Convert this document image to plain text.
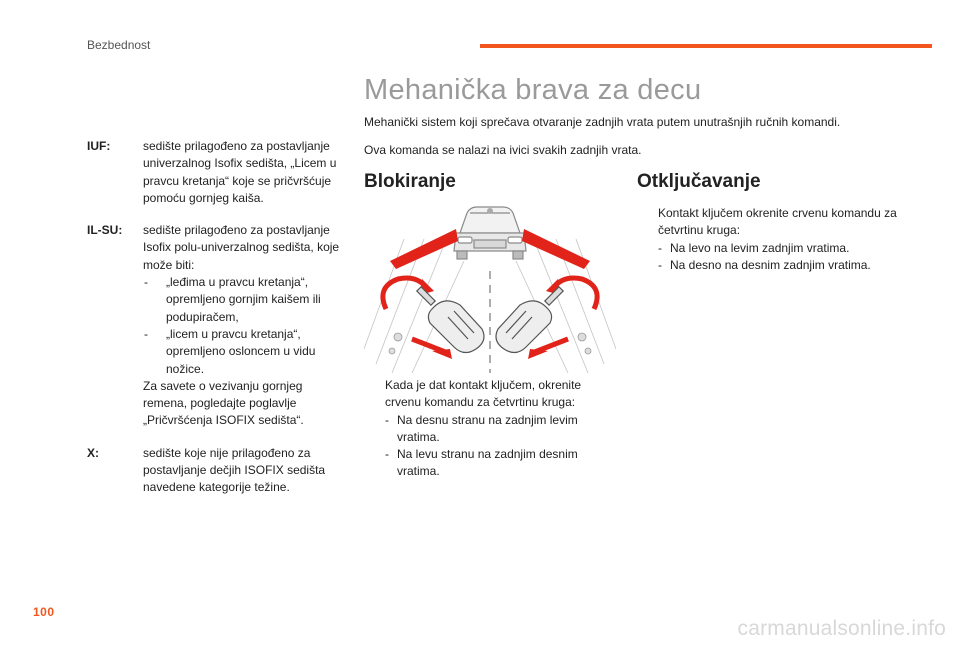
Bezbednost
IUF:	sedište prilagođeno za postavljanje univerzalnog Isofix sedišta, „Licem u pravcu kretanja“ koje se pričvršćuje pomoću gornjeg kaiša.
IL-SU: sedište prilagođeno za postavljanje Isofix polu-univerzalnog sedišta, koje može biti:
- „leđima u pravcu kretanja“, opremljeno gornjim kaišem ili podupiračem,
- „licem u pravcu kretanja“, opremljeno osloncem u vidu nožice.
Za savete o vezivanju gornjeg remena, pogledajte poglavlje „Pričvršćenja ISOFIX sedišta“.
X:	sedište koje nije prilagođeno za postavljanje dečjih ISOFIX sedišta navedene kategorije težine.
Mehanička brava za decu

Mehanički sistem koji sprečava otvaranje zadnjih vrata putem unutrašnjih ručnih komandi.

Ova komanda se nalazi na ivici svakih zadnjih vrata.

Blokiranje	Otključavanje
Kada je dat kontakt ključem, okrenite crvenu komandu za četvrtinu kruga:
- Na desnu stranu na zadnjim levim vratima.
- Na levu stranu na zadnjim desnim vratima.
Kontakt ključem okrenite crvenu komandu za četvrtinu kruga:
- Na levo na levim zadnjim vratima.
- Na desno na desnim zadnjim vratima.
100
carmanualsonline.info
